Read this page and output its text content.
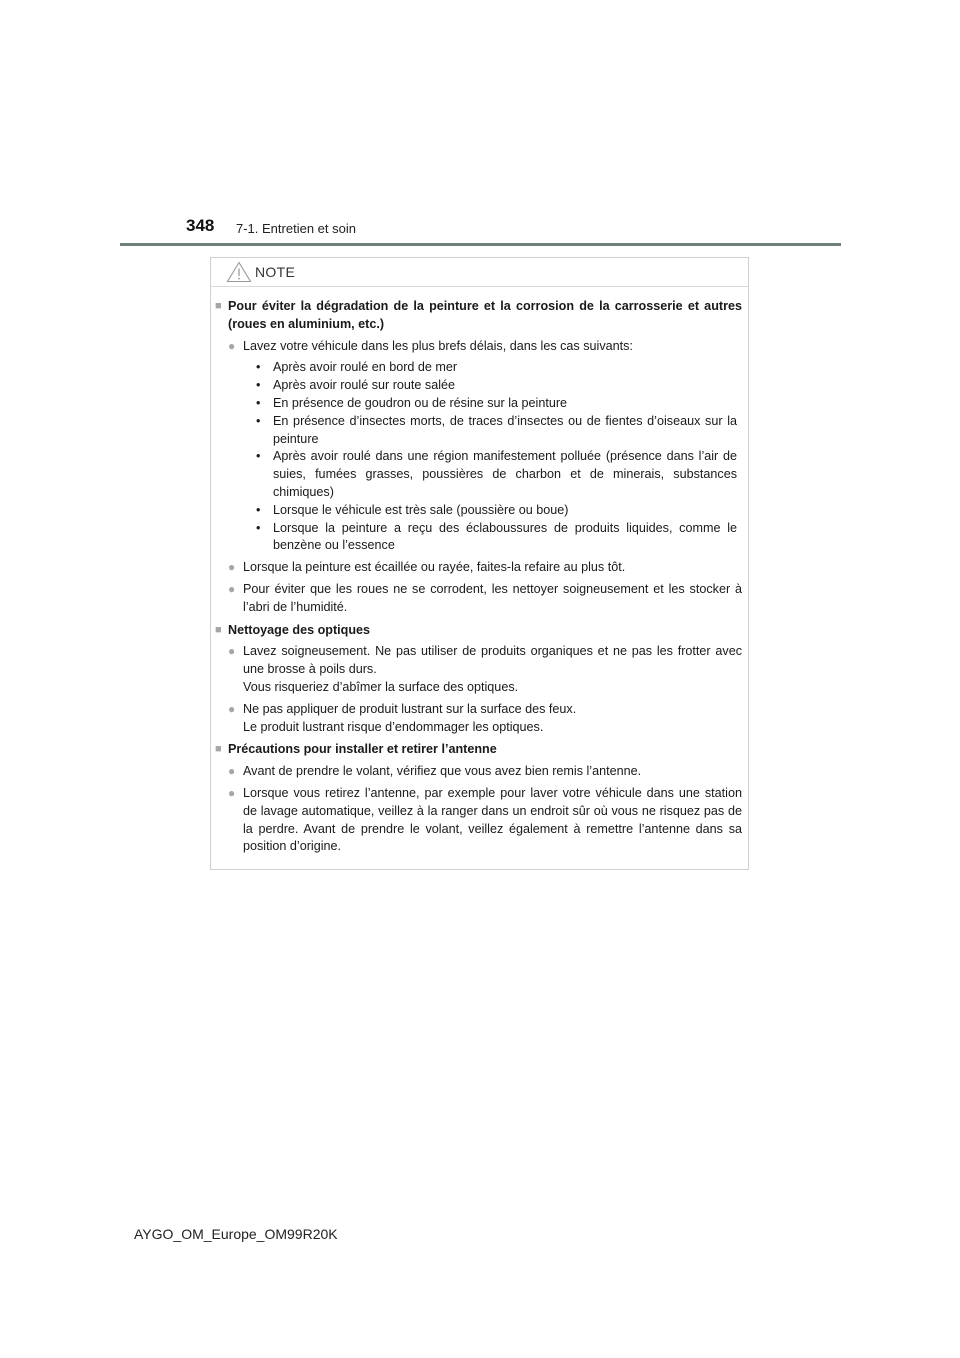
348 7-1. Entretien et soin
NOTE
■ Pour éviter la dégradation de la peinture et la corrosion de la carrosserie et autres (roues en aluminium, etc.)
● Lavez votre véhicule dans les plus brefs délais, dans les cas suivants:
• Après avoir roulé en bord de mer
• Après avoir roulé sur route salée
• En présence de goudron ou de résine sur la peinture
• En présence d’insectes morts, de traces d’insectes ou de fientes d’oiseaux sur la peinture
• Après avoir roulé dans une région manifestement polluée (présence dans l’air de suies, fumées grasses, poussières de charbon et de minerais, substances chimiques)
• Lorsque le véhicule est très sale (poussière ou boue)
• Lorsque la peinture a reçu des éclaboussures de produits liquides, comme le benzène ou l’essence
● Lorsque la peinture est écaillée ou rayée, faites-la refaire au plus tôt.
● Pour éviter que les roues ne se corrodent, les nettoyer soigneusement et les stocker à l’abri de l’humidité.
■ Nettoyage des optiques
● Lavez soigneusement. Ne pas utiliser de produits organiques et ne pas les frotter avec une brosse à poils durs.
Vous risqueriez d’abîmer la surface des optiques.
● Ne pas appliquer de produit lustrant sur la surface des feux.
Le produit lustrant risque d’endommager les optiques.
■ Précautions pour installer et retirer l’antenne
● Avant de prendre le volant, vérifiez que vous avez bien remis l’antenne.
● Lorsque vous retirez l’antenne, par exemple pour laver votre véhicule dans une station de lavage automatique, veillez à la ranger dans un endroit sûr où vous ne risquez pas de la perdre. Avant de prendre le volant, veillez également à remettre l’antenne dans sa position d’origine.
AYGO_OM_Europe_OM99R20K
